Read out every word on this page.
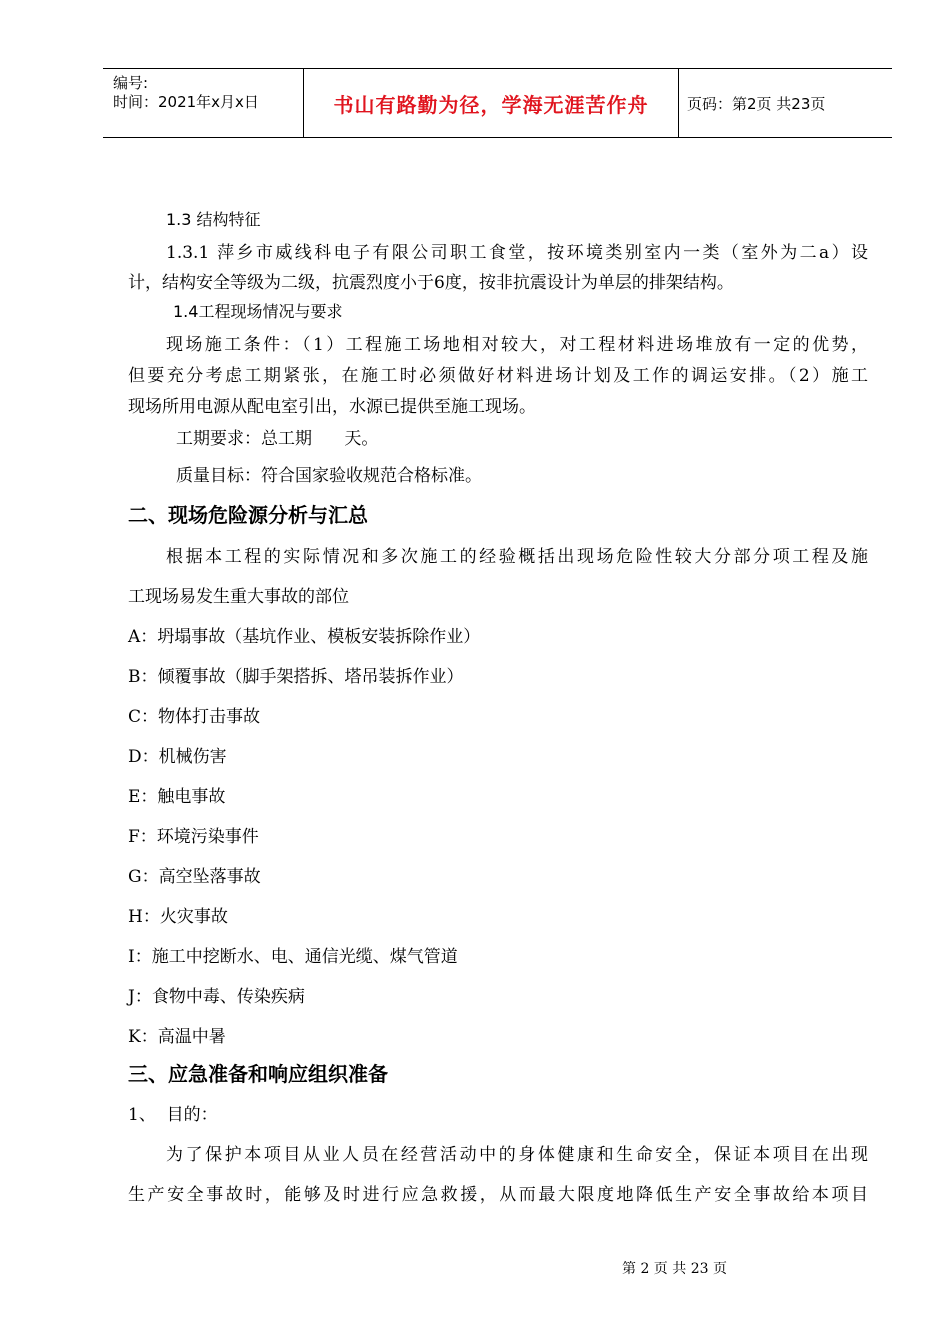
编号:
时间：2021年x月x日	书山有路勤为径，学海无涯苦作舟	页码：第2页 共23页
1.3 结构特征
1.3.1 萍乡市威线科电子有限公司职工食堂，按环境类别室内一类（室外为二a）设
计，结构安全等级为二级，抗震烈度小于6度，按非抗震设计为单层的排架结构。
1.4工程现场情况与要求
现场施工条件：（1）工程施工场地相对较大，对工程材料进场堆放有一定的优势，
但要充分考虑工期紧张，在施工时必须做好材料进场计划及工作的调运安排。（2）施工
现场所用电源从配电室引出，水源已提供至施工现场。
工期要求：总工期      天。
质量目标：符合国家验收规范合格标准。
二、现场危险源分析与汇总
根据本工程的实际情况和多次施工的经验概括出现场危险性较大分部分项工程及施
工现场易发生重大事故的部位
A：坍塌事故（基坑作业、模板安装拆除作业）
B：倾覆事故（脚手架搭拆、塔吊装拆作业）
C：物体打击事故
D：机械伤害
E：触电事故
F：环境污染事件
G：高空坠落事故
H：火灾事故
I：施工中挖断水、电、通信光缆、煤气管道
J：食物中毒、传染疾病
K：高温中暑
三、应急准备和响应组织准备
1、  目的：
为了保护本项目从业人员在经营活动中的身体健康和生命安全，保证本项目在出现
生产安全事故时，能够及时进行应急救援，从而最大限度地降低生产安全事故给本项目
第 2 页 共 23 页
